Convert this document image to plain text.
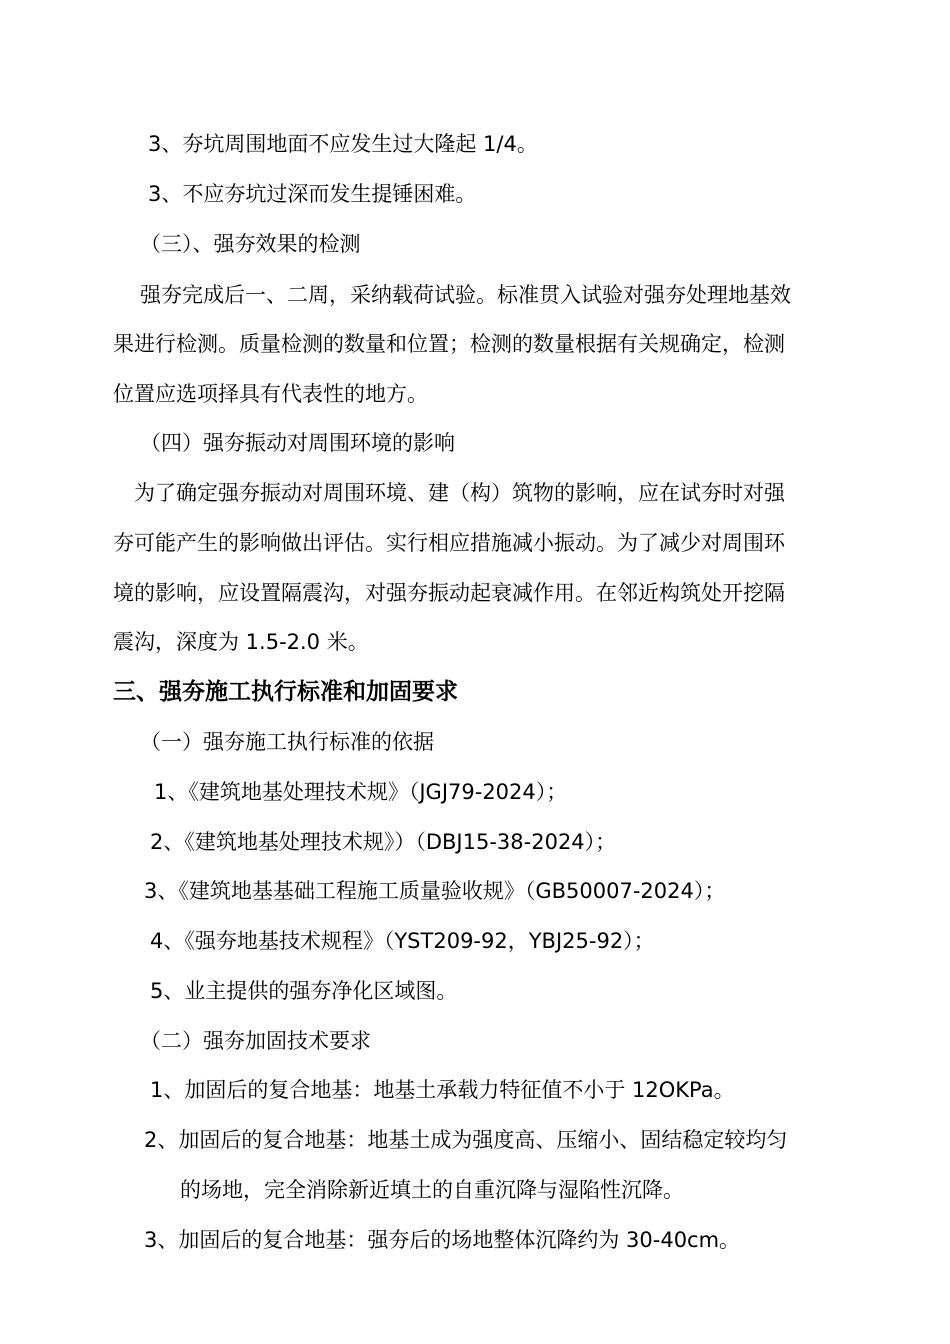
3、夯坑周围地面不应发生过大隆起 1/4。
3、不应夯坑过深而发生提锤困难。
（三）、强夯效果的检测
强夯完成后一、二周，采纳载荷试验。标准贯入试验对强夯处理地基效
果进行检测。质量检测的数量和位置；检测的数量根据有关规确定，检测
位置应选项择具有代表性的地方。
（四）强夯振动对周围环境的影响
为了确定强夯振动对周围环境、建（构）筑物的影响，应在试夯时对强
夯可能产生的影响做出评估。实行相应措施减小振动。为了减少对周围环
境的影响，应设置隔震沟，对强夯振动起衰减作用。在邻近构筑处开挖隔
震沟，深度为 1.5-2.0 米。
三、强夯施工执行标准和加固要求
（一）强夯施工执行标准的依据
1、《建筑地基处理技术规》（JGJ79-2024）；
2、《建筑地基处理技术规》）（DBJ15-38-2024）；
3、《建筑地基基础工程施工质量验收规》（GB50007-2024）；
4、《强夯地基技术规程》（YST209-92，YBJ25-92）；
5、业主提供的强夯净化区域图。
（二）强夯加固技术要求
1、加固后的复合地基：地基土承载力特征值不小于 12OKPa。
2、加固后的复合地基：地基土成为强度高、压缩小、固结稳定较均匀
的场地，完全消除新近填土的自重沉降与湿陷性沉降。
3、加固后的复合地基：强夯后的场地整体沉降约为 30-40cm。
